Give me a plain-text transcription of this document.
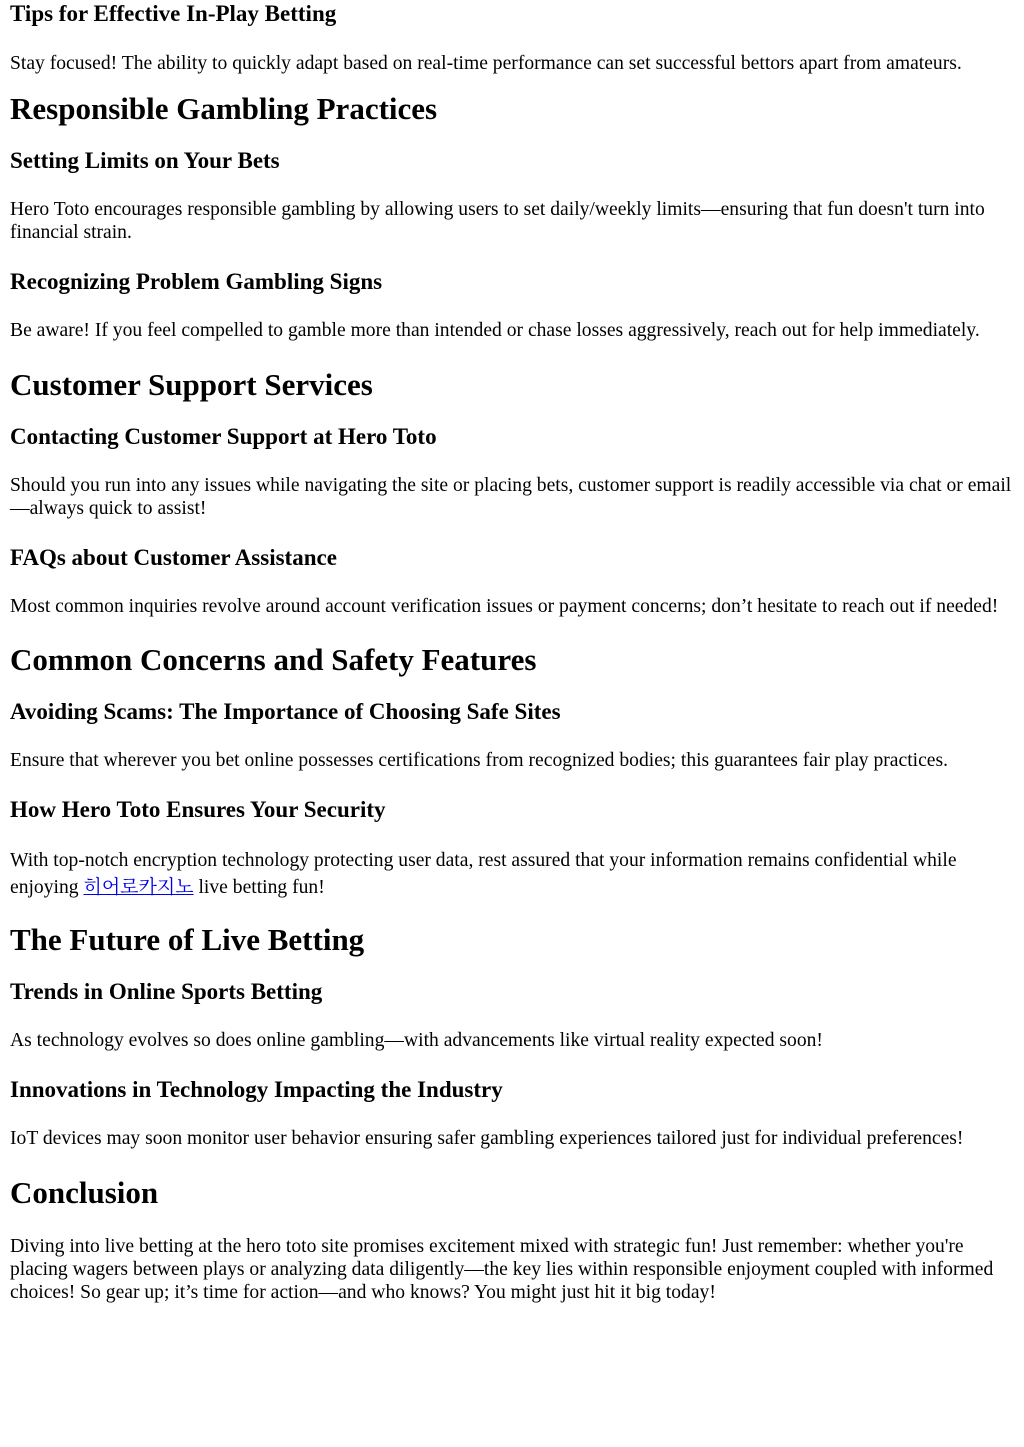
Tips for Effective In-Play Betting

Stay focused! The ability to quickly adapt based on real-time performance can set successful bettors apart from amateurs.

Responsible Gambling Practices
Setting Limits on Your Bets

Hero Toto encourages responsible gambling by allowing users to set daily/weekly limits—ensuring that fun doesn't turn into financial strain.

Recognizing Problem Gambling Signs

Be aware! If you feel compelled to gamble more than intended or chase losses aggressively, reach out for help immediately.

Customer Support Services
Contacting Customer Support at Hero Toto

Should you run into any issues while navigating the site or placing bets, customer support is readily accessible via chat or email—always quick to assist!

FAQs about Customer Assistance

Most common inquiries revolve around account verification issues or payment concerns; don’t hesitate to reach out if needed!

Common Concerns and Safety Features
Avoiding Scams: The Importance of Choosing Safe Sites

Ensure that wherever you bet online possesses certifications from recognized bodies; this guarantees fair play practices.

How Hero Toto Ensures Your Security

With top-notch encryption technology protecting user data, rest assured that your information remains confidential while enjoying 히어로카지노 live betting fun!

The Future of Live Betting
Trends in Online Sports Betting

As technology evolves so does online gambling—with advancements like virtual reality expected soon!

Innovations in Technology Impacting the Industry

IoT devices may soon monitor user behavior ensuring safer gambling experiences tailored just for individual preferences!

Conclusion

Diving into live betting at the hero toto site promises excitement mixed with strategic fun! Just remember: whether you're placing wagers between plays or analyzing data diligently—the key lies within responsible enjoyment coupled with informed choices! So gear up; it’s time for action—and who knows? You might just hit it big today!
